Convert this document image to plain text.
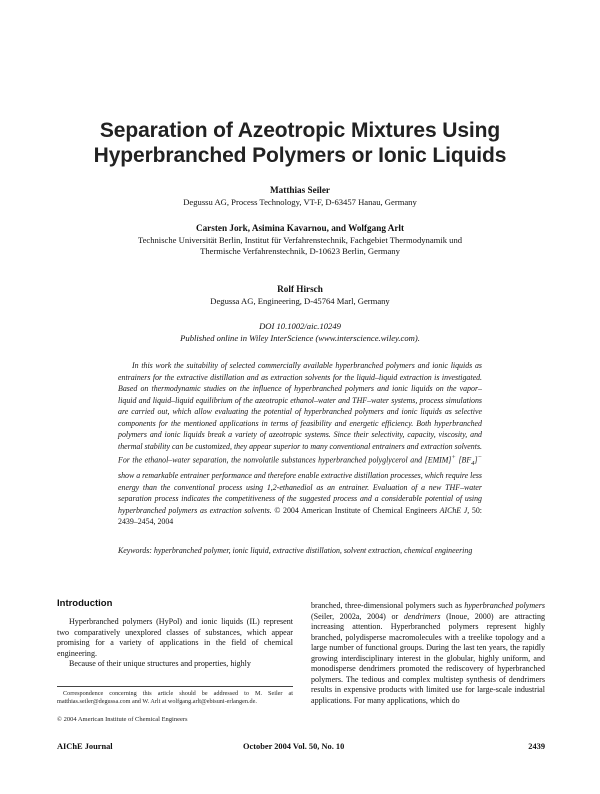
Separation of Azeotropic Mixtures Using
Hyperbranched Polymers or Ionic Liquids
Matthias Seiler
Degussu AG, Process Technology, VT-F, D-63457 Hanau, Germany
Carsten Jork, Asimina Kavarnou, and Wolfgang Arlt
Technische Universität Berlin, Institut für Verfahrenstechnik, Fachgebiet Thermodynamik und
Thermische Verfahrenstechnik, D-10623 Berlin, Germany
Rolf Hirsch
Degussa AG, Engineering, D-45764 Marl, Germany
DOI 10.1002/aic.10249
Published online in Wiley InterScience (www.interscience.wiley.com).

In this work the suitability of selected commercially available hyperbranched polymers and ionic liquids as entrainers for the extractive distillation and as extraction solvents for the liquid–liquid extraction is investigated. Based on thermodynamic studies on the influence of hyperbranched polymers and ionic liquids on the vapor–liquid and liquid–liquid equilibrium of the azeotropic ethanol–water and THF–water systems, process simulations are carried out, which allow evaluating the potential of hyperbranched polymers and ionic liquids as selective components for the mentioned applications in terms of feasibility and energetic efficiency. Both hyperbranched polymers and ionic liquids break a variety of azeotropic systems. Since their selectivity, capacity, viscosity, and thermal stability can be customized, they appear superior to many conventional entrainers and extraction solvents. For the ethanol–water separation, the nonvolatile substances hyperbranched polyglycerol and [EMIM]+ $[BF_4]^-$ show a remarkable entrainer performance and therefore enable extractive distillation processes, which require less energy than the conventional process using 1,2-ethanediol as an entrainer. Evaluation of a new THF–water separation process indicates the competitiveness of the suggested process and a considerable potential of using hyperbranched polymers as extraction solvents. © 2004 American Institute of Chemical Engineers AIChE J, 50: 2439–2454, 2004

Keywords: hyperbranched polymer, ionic liquid, extractive distillation, solvent extraction, chemical engineering

Introduction

Hyperbranched polymers (HyPol) and ionic liquids (IL) represent two comparatively unexplored classes of substances, which appear promising for a variety of applications in the field of chemical engineering.

Because of their unique structures and properties, highly

branched, three-dimensional polymers such as hyperbranched polymers (Seiler, 2002a, 2004) or dendrimers (Inoue, 2000) are attracting increasing attention. Hyperbranched polymers represent highly branched, polydisperse macromolecules with a treelike topology and a large number of functional groups. During the last ten years, the rapidly growing interdisciplinary interest in the globular, highly uniform, and monodisperse dendrimers promoted the rediscovery of hyperbranched polymers. The tedious and complex multistep synthesis of dendrimers results in expensive products with limited use for large-scale industrial applications. For many applications, which do

Correspondence concerning this article should be addressed to M. Seiler at matthias.seiler@degussa.com and W. Arlt at wolfgang.arlt@ebisuni-erlangen.de.

© 2004 American Institute of Chemical Engineers
AIChE Journal	October 2004 Vol. 50, No. 10	2439
